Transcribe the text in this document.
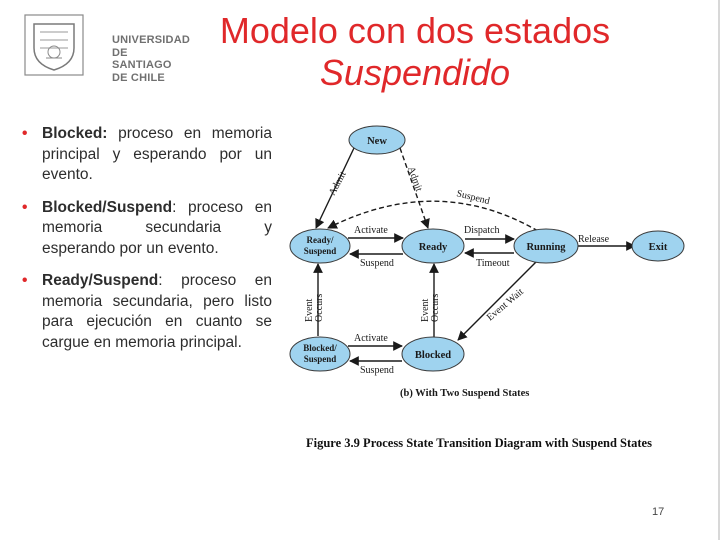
UNIVERSIDAD
DE SANTIAGO
DE CHILE
Modelo con dos estados
Suspendido
• Blocked: proceso en memoria principal y esperando por un evento.
• Blocked/Suspend: proceso en memoria secundaria y esperando por un evento.
• Ready/Suspend: proceso en memoria secundaria, pero listo para ejecución en cuanto se cargue en memoria principal.
New
Ready/
Suspend	Ready	Running	Exit
Blocked/
Suspend	Blocked
Admit	Admit
Suspend
Activate
Suspend
Dispatch
Timeout
Release
Event Occurs	Event Occurs	Event Wait
Activate
Suspend
(b) With Two Suspend States
Figure 3.9 Process State Transition Diagram with Suspend States
17
